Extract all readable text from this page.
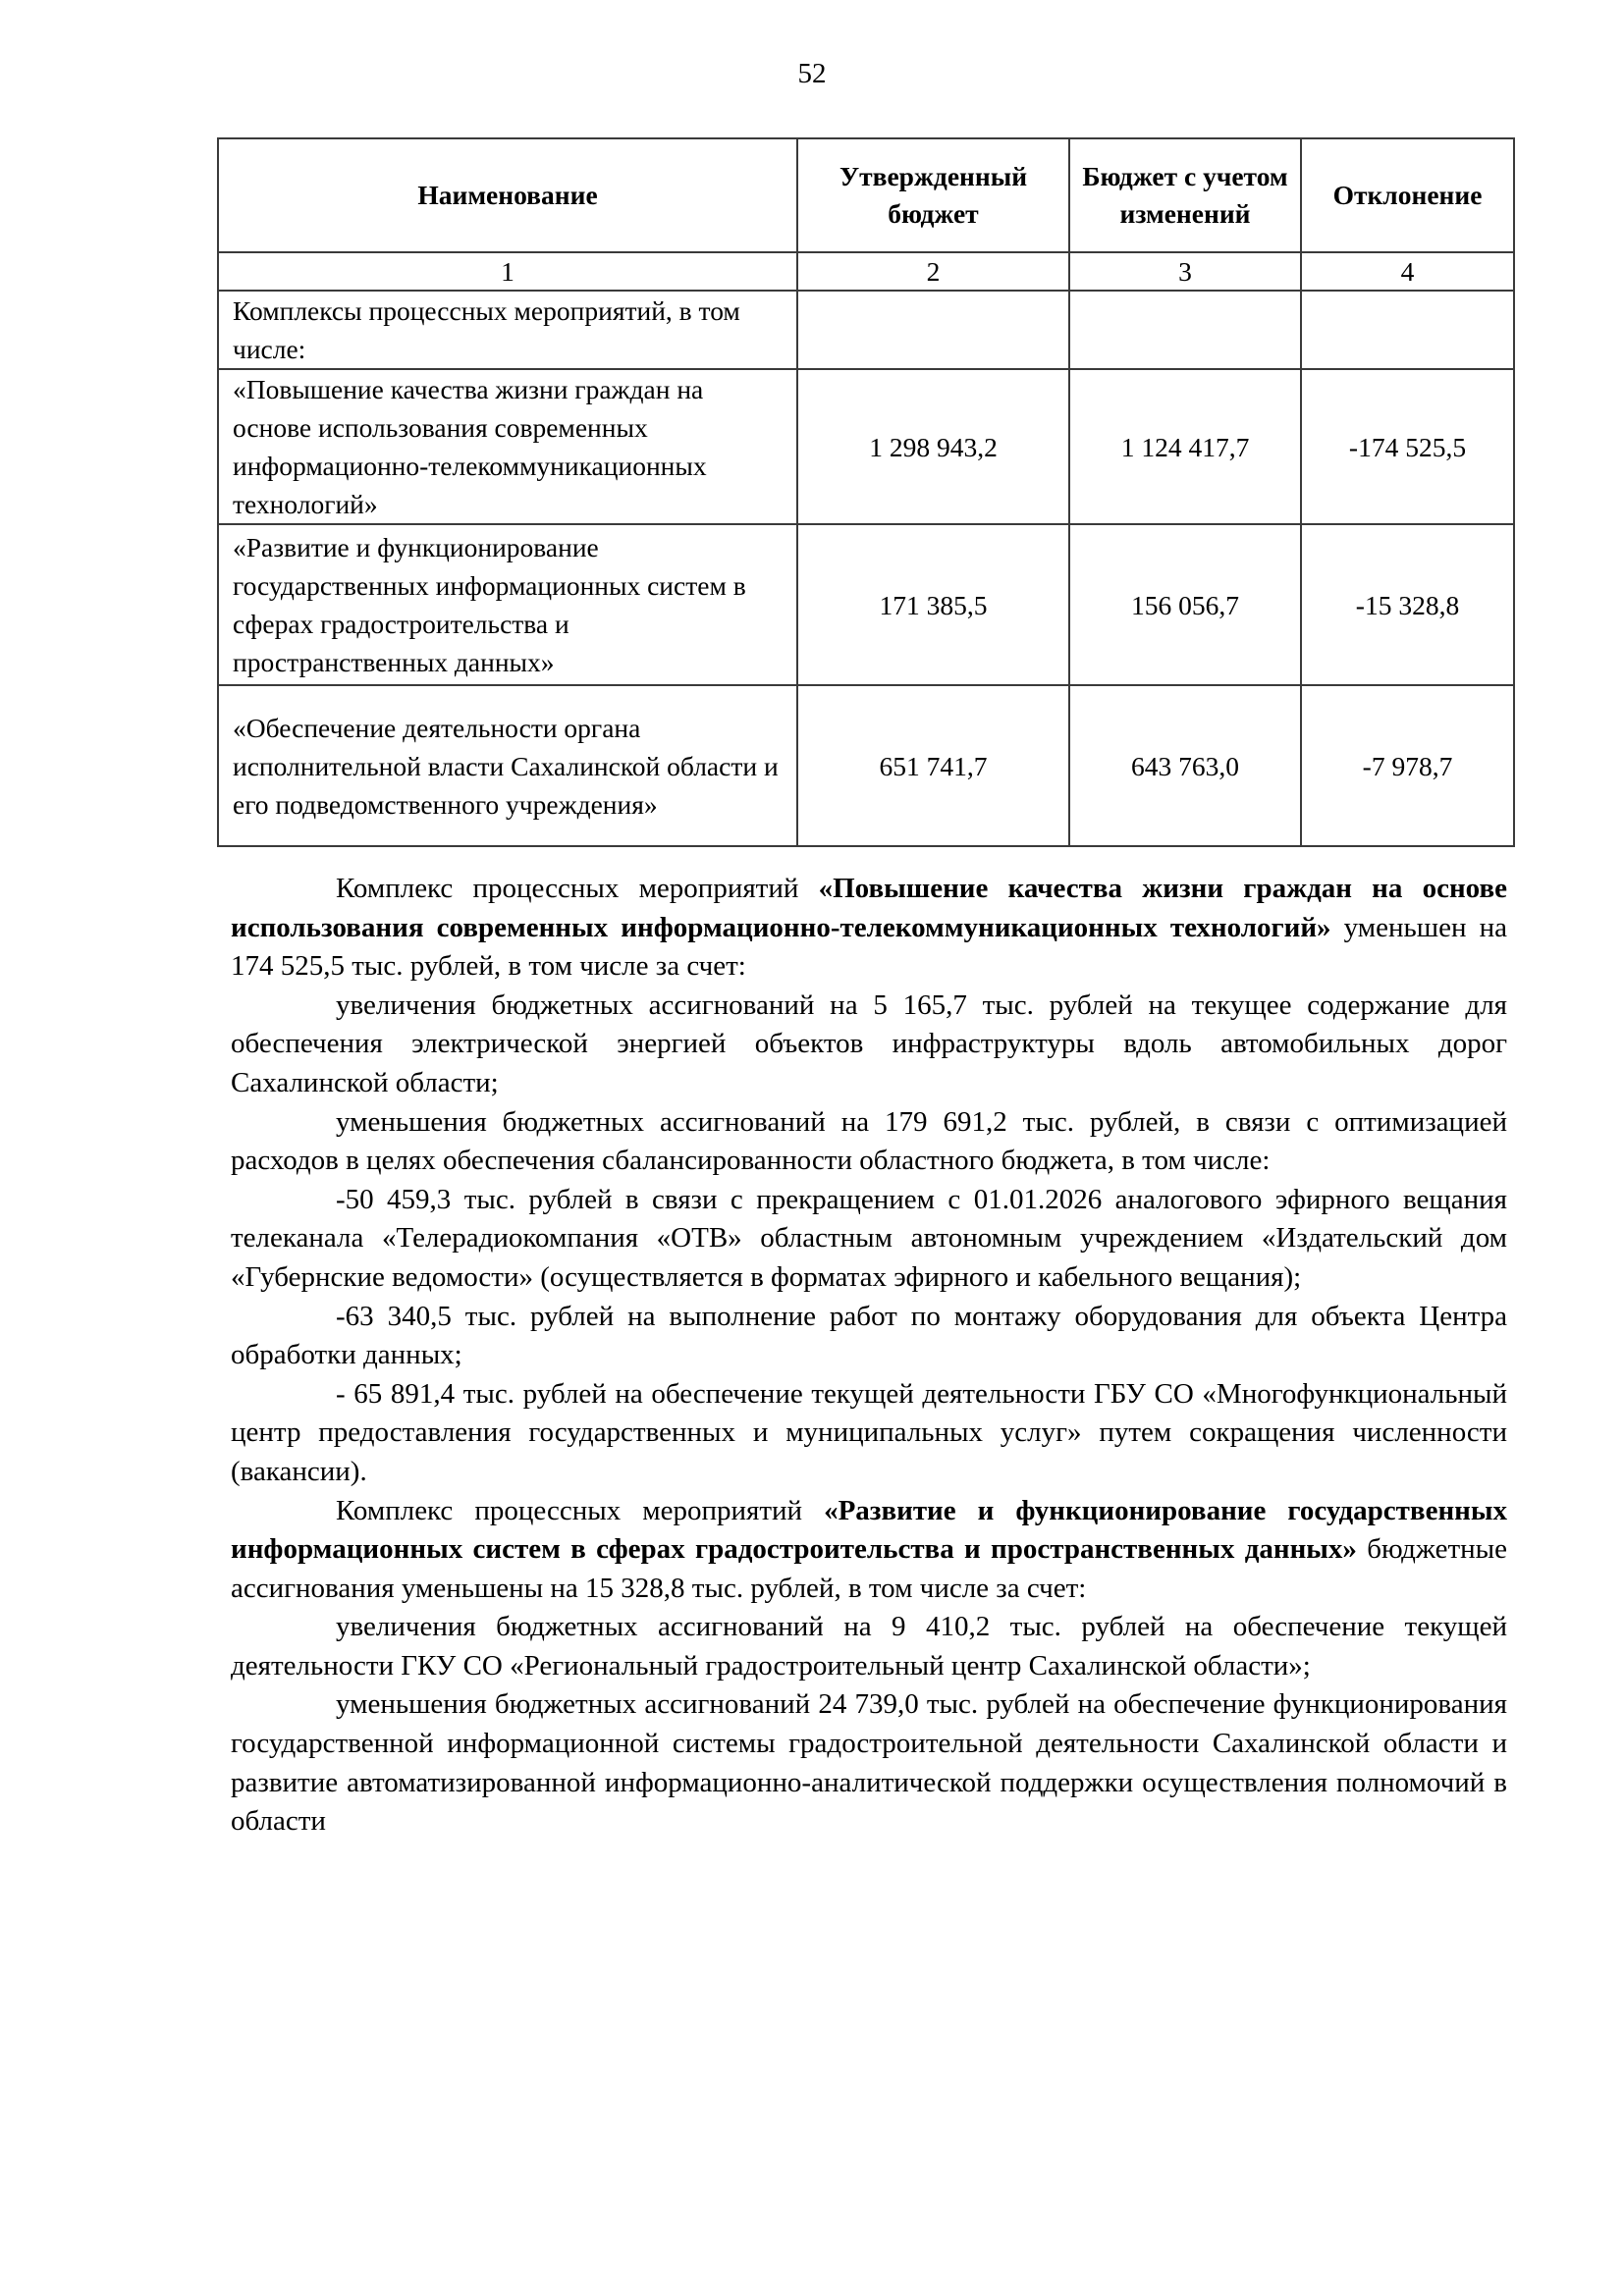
52
Наименование	Утвержденный бюджет	Бюджет с учетом изменений	Отклонение
1	2	3	4
Комплексы процессных мероприятий, в том числе:			
«Повышение качества жизни граждан на основе использования современных информационно-телекоммуникационных технологий»	1 298 943,2	1 124 417,7	-174 525,5
«Развитие и функционирование государственных информационных систем в сферах градостроительства и пространственных данных»	171 385,5	156 056,7	-15 328,8
«Обеспечение деятельности органа исполнительной власти Сахалинской области и его подведомственного учреждения»	651 741,7	643 763,0	-7 978,7

Комплекс процессных мероприятий «Повышение качества жизни граждан на основе использования современных информационно-телекоммуникационных технологий» уменьшен на 174 525,5 тыс. рублей, в том числе за счет:

увеличения бюджетных ассигнований на 5 165,7 тыс. рублей на текущее содержание для обеспечения электрической энергией объектов инфраструктуры вдоль автомобильных дорог Сахалинской области;

уменьшения бюджетных ассигнований на 179 691,2 тыс. рублей, в связи с оптимизацией расходов в целях обеспечения сбалансированности областного бюджета, в том числе:

-50 459,3 тыс. рублей в связи с прекращением с 01.01.2026 аналогового эфирного вещания телеканала «Телерадиокомпания «ОТВ» областным автономным учреждением «Издательский дом «Губернские ведомости» (осуществляется в форматах эфирного и кабельного вещания);

-63 340,5 тыс. рублей на выполнение работ по монтажу оборудования для объекта Центра обработки данных;

- 65 891,4 тыс. рублей на обеспечение текущей деятельности ГБУ СО «Многофункциональный центр предоставления государственных и муниципальных услуг» путем сокращения численности (вакансии).

Комплекс процессных мероприятий «Развитие и функционирование государственных информационных систем в сферах градостроительства и пространственных данных» бюджетные ассигнования уменьшены на 15 328,8 тыс. рублей, в том числе за счет:

увеличения бюджетных ассигнований на 9 410,2 тыс. рублей на обеспечение текущей деятельности ГКУ СО «Региональный градостроительный центр Сахалинской области»;

уменьшения бюджетных ассигнований 24 739,0 тыс. рублей на обеспечение функционирования государственной информационной системы градостроительной деятельности Сахалинской области и развитие автоматизированной информационно-аналитической поддержки осуществления полномочий в области
